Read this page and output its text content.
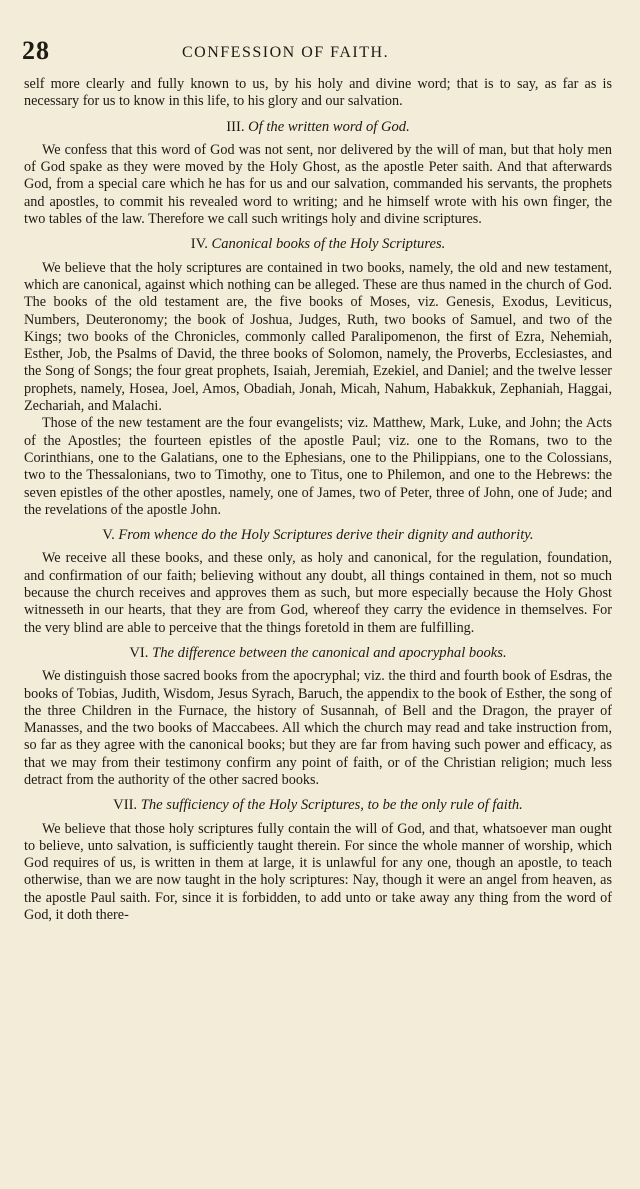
28	CONFESSION OF FAITH.

self more clearly and fully known to us, by his holy and divine word; that is to say, as far as is necessary for us to know in this life, to his glory and our salvation.

III. Of the written word of God.

We confess that this word of God was not sent, nor delivered by the will of man, but that holy men of God spake as they were moved by the Holy Ghost, as the apostle Peter saith. And that afterwards God, from a special care which he has for us and our salvation, commanded his servants, the prophets and apostles, to commit his revealed word to writing; and he himself wrote with his own finger, the two tables of the law. Therefore we call such writings holy and divine scriptures.

IV. Canonical books of the Holy Scriptures.

We believe that the holy scriptures are contained in two books, namely, the old and new testament, which are canonical, against which nothing can be alleged. These are thus named in the church of God. The books of the old testament are, the five books of Moses, viz. Genesis, Exodus, Leviticus, Numbers, Deuteronomy; the book of Joshua, Judges, Ruth, two books of Samuel, and two of the Kings; two books of the Chronicles, commonly called Paralipomenon, the first of Ezra, Nehemiah, Esther, Job, the Psalms of David, the three books of Solomon, namely, the Proverbs, Ecclesiastes, and the Song of Songs; the four great prophets, Isaiah, Jeremiah, Ezekiel, and Daniel; and the twelve lesser prophets, namely, Hosea, Joel, Amos, Obadiah, Jonah, Micah, Nahum, Habakkuk, Zephaniah, Haggai, Zechariah, and Malachi.

Those of the new testament are the four evangelists; viz. Matthew, Mark, Luke, and John; the Acts of the Apostles; the fourteen epistles of the apostle Paul; viz. one to the Romans, two to the Corinthians, one to the Galatians, one to the Ephesians, one to the Philippians, one to the Colossians, two to the Thessalonians, two to Timothy, one to Titus, one to Philemon, and one to the Hebrews: the seven epistles of the other apostles, namely, one of James, two of Peter, three of John, one of Jude; and the revelations of the apostle John.

V. From whence do the Holy Scriptures derive their dignity and authority.

We receive all these books, and these only, as holy and canonical, for the regulation, foundation, and confirmation of our faith; believing without any doubt, all things contained in them, not so much because the church receives and approves them as such, but more especially because the Holy Ghost witnesseth in our hearts, that they are from God, whereof they carry the evidence in themselves. For the very blind are able to perceive that the things foretold in them are fulfilling.

VI. The difference between the canonical and apocryphal books.

We distinguish those sacred books from the apocryphal; viz. the third and fourth book of Esdras, the books of Tobias, Judith, Wisdom, Jesus Syrach, Baruch, the appendix to the book of Esther, the song of the three Children in the Furnace, the history of Susannah, of Bell and the Dragon, the prayer of Manasses, and the two books of Maccabees. All which the church may read and take instruction from, so far as they agree with the canonical books; but they are far from having such power and efficacy, as that we may from their testimony confirm any point of faith, or of the Christian religion; much less detract from the authority of the other sacred books.

VII. The sufficiency of the Holy Scriptures, to be the only rule of faith.

We believe that those holy scriptures fully contain the will of God, and that, whatsoever man ought to believe, unto salvation, is sufficiently taught therein. For since the whole manner of worship, which God requires of us, is written in them at large, it is unlawful for any one, though an apostle, to teach otherwise, than we are now taught in the holy scriptures: Nay, though it were an angel from heaven, as the apostle Paul saith. For, since it is forbidden, to add unto or take away any thing from the word of God, it doth there-
